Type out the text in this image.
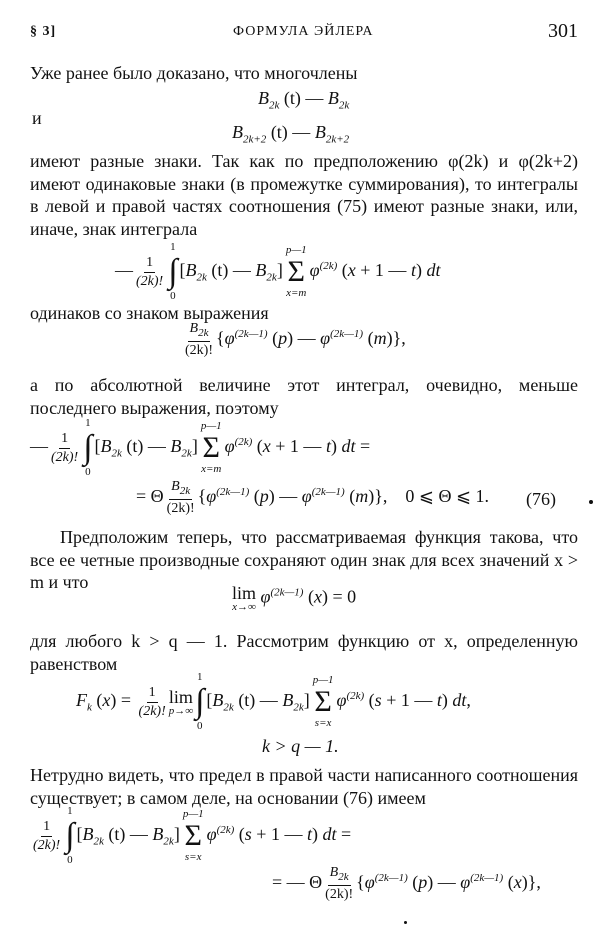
§ 3]	ФОРМУЛА ЭЙЛЕРА	301
Уже ранее было доказано, что многочлены
$B_{2k}$ (t) — $B_{2k}$
и
$B_{2k+2}$ (t) — $B_{2k+2}$
имеют разные знаки. Так как по предположению φ(2k) и φ(2k+2) имеют одинаковые знаки (в промежутке суммирования), то интегралы в левой и правой частях соотношения (75) имеют разные знаки, или, иначе, знак интеграла
— $\frac{1}{(2k)!}$
1
∫
0
[$B_{2k}$ (t) — $B_{2k}$]
p—1
Σ
x=m
$\varphi^{(2k)}$ (x + 1 — t) dt
одинаков со знаком выражения
$\frac{B_{2k}}{(2k)!} \{\varphi^{(2k—1)}$ (p) — $\varphi^{(2k—1)}$ (m)},
а по абсолютной величине этот интеграл, очевидно, меньше последнего выражения, поэтому
— $\frac{1}{(2k)!}$
1
∫
0
[$B_{2k}$ (t) — $B_{2k}$]
p—1
Σ
x=m
$\varphi^{(2k)}$ (x + 1 — t) dt =
= Θ $\frac{B_{2k}}{(2k)!} \{\varphi^{(2k—1)}$ (p) — $\varphi^{(2k—1)}$ (m)},    0 ⩽ Θ ⩽ 1. (76)
Предположим теперь, что рассматриваемая функция такова, что все ее четные производные сохраняют один знак для всех значений x > m и что
lim
x→∞
$\varphi^{(2k—1)}$ (x) = 0
для любого k > q — 1. Рассмотрим функцию от x, определенную равенством
$F_k$ $(x) = \frac{1}{(2k)!}$ lim
p→∞
1
∫
0
[$B_{2k}$ (t) — $B_{2k}$]
p—1
Σ
s=x
$\varphi^{(2k)}$ (s + 1 — t) dt,
k > q — 1.
Нетрудно видеть, что предел в правой части написанного соотношения существует; в самом деле, на основании (76) имеем
$\frac{1}{(2k)!}$
1
∫
0
[$B_{2k}$ (t) — $B_{2k}$]
p—1
Σ
s=x
$\varphi^{(2k)}$ (s + 1 — t) dt =
= — Θ $\frac{B_{2k}}{(2k)!} \{\varphi^{(2k—1)}$ (p) — $\varphi^{(2k—1)}$ (x)},
